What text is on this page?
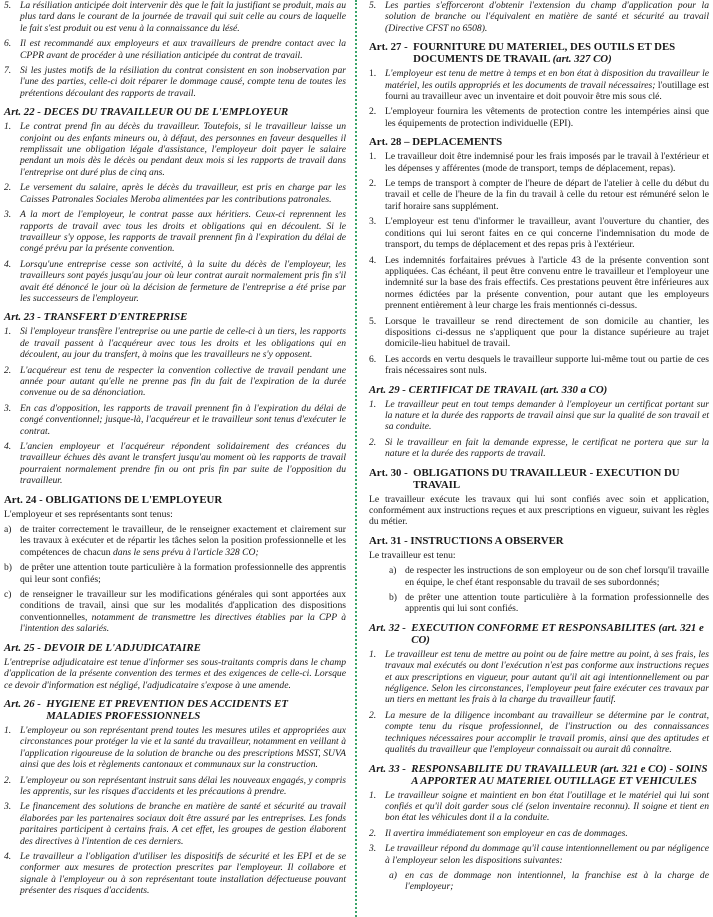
5. La résiliation anticipée doit intervenir dès que le fait la justifiant se produit, mais au plus tard dans le courant de la journée de travail qui suit celle au cours de laquelle le fait s'est produit ou est venu à la connaissance du lésé.
6. Il est recommandé aux employeurs et aux travailleurs de prendre contact avec la CPPR avant de procéder à une résiliation anticipée du contrat de travail.
7. Si les justes motifs de la résiliation du contrat consistent en son inobservation par l'une des parties, celle-ci doit réparer le dommage causé, compte tenu de toutes les prétentions découlant des rapports de travail.
Art. 22 - DECES DU TRAVAILLEUR OU DE L'EMPLOYEUR
1. Le contrat prend fin au décès du travailleur. Toutefois, si le travailleur laisse un conjoint ou des enfants mineurs ou, à défaut, des personnes en faveur desquelles il remplissait une obligation légale d'assistance, l'employeur doit payer le salaire pendant un mois dès le décès ou pendant deux mois si les rapports de travail dans l'entreprise ont duré plus de cinq ans.
2. Le versement du salaire, après le décès du travailleur, est pris en charge par les Caisses Patronales Sociales Meroba alimentées par les contributions patronales.
3. A la mort de l'employeur, le contrat passe aux héritiers. Ceux-ci reprennent les rapports de travail avec tous les droits et obligations qui en découlent. Si le travailleur s'y oppose, les rapports de travail prennent fin à l'expiration du délai de congé prévu par la présente convention.
4. Lorsqu'une entreprise cesse son activité, à la suite du décès de l'employeur, les travailleurs sont payés jusqu'au jour où leur contrat aurait normalement pris fin s'il avait été dénoncé le jour où la décision de fermeture de l'entreprise a été prise par les successeurs de l'employeur.
Art. 23 - TRANSFERT D'ENTREPRISE
1. Si l'employeur transfère l'entreprise ou une partie de celle-ci à un tiers, les rapports de travail passent à l'acquéreur avec tous les droits et les obligations qui en découlent, au jour du transfert, à moins que les travailleurs ne s'y opposent.
2. L'acquéreur est tenu de respecter la convention collective de travail pendant une année pour autant qu'elle ne prenne pas fin du fait de l'expiration de la durée convenue ou de sa dénonciation.
3. En cas d'opposition, les rapports de travail prennent fin à l'expiration du délai de congé conventionnel; jusque-là, l'acquéreur et le travailleur sont tenus d'exécuter le contrat.
4. L'ancien employeur et l'acquéreur répondent solidairement des créances du travailleur échues dès avant le transfert jusqu'au moment où les rapports de travail pourraient normalement prendre fin ou ont pris fin par suite de l'opposition du travailleur.
Art. 24 - OBLIGATIONS DE L'EMPLOYEUR
L'employeur et ses représentants sont tenus:
a) de traiter correctement le travailleur, de le renseigner exactement et clairement sur les travaux à exécuter et de répartir les tâches selon la position professionnelle et les compétences de chacun dans le sens prévu à l'article 328 CO;
b) de prêter une attention toute particulière à la formation professionnelle des apprentis qui leur sont confiés;
c) de renseigner le travailleur sur les modifications générales qui sont apportées aux conditions de travail, ainsi que sur les modalités d'application des dispositions conventionnelles, notamment de transmettre les directives établies par la CPP à l'intention des salariés.
Art. 25 - DEVOIR DE L'ADJUDICATAIRE
L'entreprise adjudicataire est tenue d'informer ses sous-traitants compris dans le champ d'application de la présente convention des termes et des exigences de celle-ci. Lorsque ce devoir d'information est négligé, l'adjudicataire s'expose à une amende.
Art. 26 - HYGIENE ET PREVENTION DES ACCIDENTS ET MALADIES PROFESSIONNELS
1. L'employeur ou son représentant prend toutes les mesures utiles et appropriées aux circonstances pour protéger la vie et la santé du travailleur, notamment en veillant à l'application rigoureuse de la solution de branche ou des prescriptions MSST, SUVA ainsi que des lois et règlements cantonaux et communaux sur la construction.
2. L'employeur ou son représentant instruit sans délai les nouveaux engagés, y compris les apprentis, sur les risques d'accidents et les précautions à prendre.
3. Le financement des solutions de branche en matière de santé et sécurité au travail élaborées par les partenaires sociaux doit être assuré par les entreprises. Les fonds paritaires participent à certains frais. A cet effet, les groupes de gestion élaborent des directives à l'intention de ces derniers.
4. Le travailleur a l'obligation d'utiliser les dispositifs de sécurité et les EPI et de se conformer aux mesures de protection prescrites par l'employeur. Il collabore et signale à l'employeur ou à son représentant toute installation défectueuse pouvant présenter des risques d'accidents.
5. Les parties s'efforceront d'obtenir l'extension du champ d'application pour la solution de branche ou l'équivalent en matière de santé et sécurité au travail (Directive CFST no 6508).
Art. 27 - FOURNITURE DU MATERIEL, DES OUTILS ET DES DOCUMENTS DE TRAVAIL (art. 327 CO)
1. L'employeur est tenu de mettre à temps et en bon état à disposition du travailleur le matériel, les outils appropriés et les documents de travail nécessaires; l'outillage est fourni au travailleur avec un inventaire et doit pouvoir être mis sous clé.
2. L'employeur fournira les vêtements de protection contre les intempéries ainsi que les équipements de protection individuelle (EPI).
Art. 28 – DEPLACEMENTS
1. Le travailleur doit être indemnisé pour les frais imposés par le travail à l'extérieur et les dépenses y afférentes (mode de transport, temps de déplacement, repas).
2. Le temps de transport à compter de l'heure de départ de l'atelier à celle du début du travail et celle de l'heure de la fin du travail à celle du retour est rémunéré selon le tarif horaire sans supplément.
3. L'employeur est tenu d'informer le travailleur, avant l'ouverture du chantier, des conditions qui lui seront faites en ce qui concerne l'indemnisation du mode de transport, du temps de déplacement et des repas pris à l'extérieur.
4. Les indemnités forfaitaires prévues à l'article 43 de la présente convention sont appliquées. Cas échéant, il peut être convenu entre le travailleur et l'employeur une indemnité sur la base des frais effectifs. Ces prestations peuvent être inférieures aux normes édictées par la présente convention, pour autant que les employeurs prennent entièrement à leur charge les frais mentionnés ci-dessus.
5. Lorsque le travailleur se rend directement de son domicile au chantier, les dispositions ci-dessus ne s'appliquent que pour la distance supérieure au trajet domicile-lieu habituel de travail.
6. Les accords en vertu desquels le travailleur supporte lui-même tout ou partie de ces frais nécessaires sont nuls.
Art. 29 - CERTIFICAT DE TRAVAIL (art. 330 a CO)
1. Le travailleur peut en tout temps demander à l'employeur un certificat portant sur la nature et la durée des rapports de travail ainsi que sur la qualité de son travail et sa conduite.
2. Si le travailleur en fait la demande expresse, le certificat ne portera que sur la nature et la durée des rapports de travail.
Art. 30 - OBLIGATIONS DU TRAVAILLEUR - EXECUTION DU TRAVAIL
Le travailleur exécute les travaux qui lui sont confiés avec soin et application, conformément aux instructions reçues et aux prescriptions en vigueur, suivant les règles du métier.
Art. 31 - INSTRUCTIONS A OBSERVER
Le travailleur est tenu:
a) de respecter les instructions de son employeur ou de son chef lorsqu'il travaille en équipe, le chef étant responsable du travail de ses subordonnés;
b) de prêter une attention toute particulière à la formation professionnelle des apprentis qui lui sont confiés.
Art. 32 - EXECUTION CONFORME ET RESPONSABILITES (art. 321 e CO)
1. Le travailleur est tenu de mettre au point ou de faire mettre au point, à ses frais, les travaux mal exécutés ou dont l'exécution n'est pas conforme aux instructions reçues et aux prescriptions en vigueur, pour autant qu'il ait agi intentionnellement ou par négligence. Selon les circonstances, l'employeur peut faire exécuter ces travaux par un tiers en mettant les frais à la charge du travailleur fautif.
2. La mesure de la diligence incombant au travailleur se détermine par le contrat, compte tenu du risque professionnel, de l'instruction ou des connaissances techniques nécessaires pour accomplir le travail promis, ainsi que des aptitudes et qualités du travailleur que l'employeur connaissait ou aurait dû connaître.
Art. 33 - RESPONSABILITE DU TRAVAILLEUR (art. 321 e CO) - SOINS A APPORTER AU MATERIEL OUTILLAGE ET VEHICULES
1. Le travailleur soigne et maintient en bon état l'outillage et le matériel qui lui sont confiés et qu'il doit garder sous clé (selon inventaire reconnu). Il soigne et tient en bon état les véhicules dont il a la conduite.
2. Il avertira immédiatement son employeur en cas de dommages.
3. Le travailleur répond du dommage qu'il cause intentionnellement ou par négligence à l'employeur selon les dispositions suivantes:
a) en cas de dommage non intentionnel, la franchise est à la charge de l'employeur;
